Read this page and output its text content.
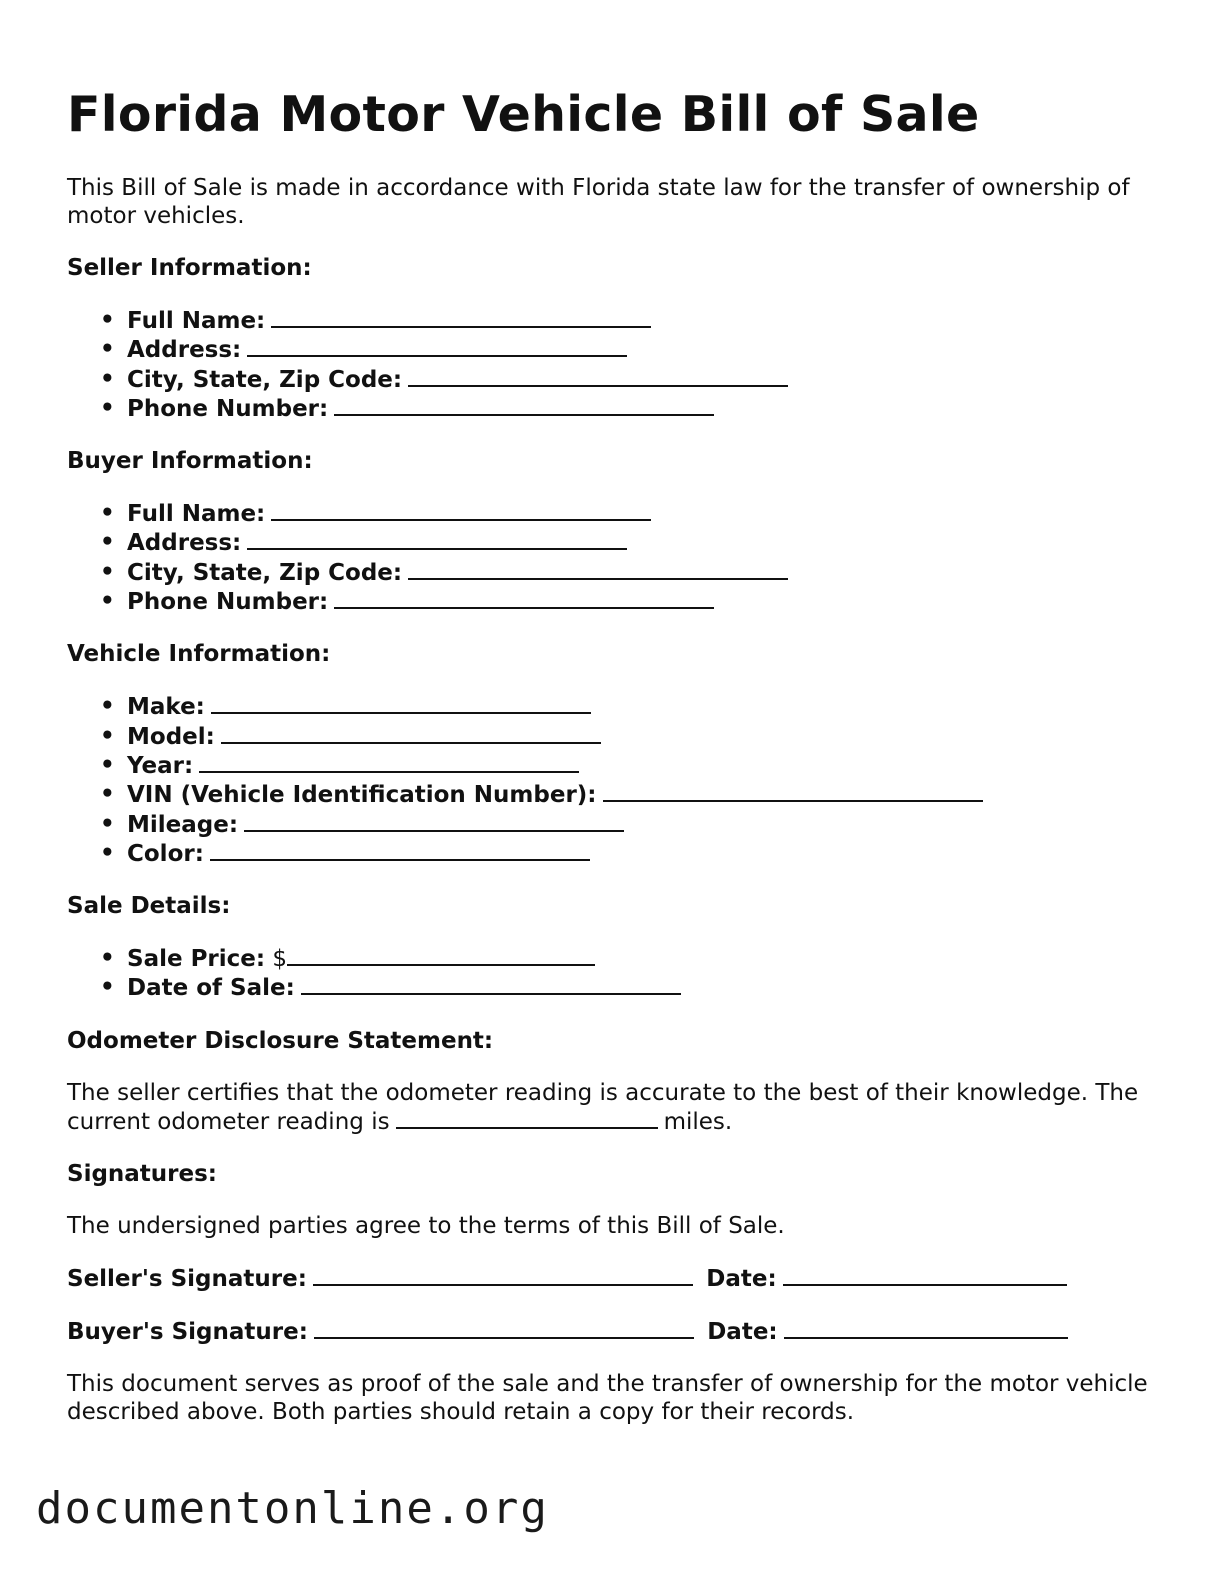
Florida Motor Vehicle Bill of Sale

This Bill of Sale is made in accordance with Florida state law for the transfer of ownership of motor vehicles.

Seller Information:
• Full Name:
• Address:
• City, State, Zip Code:
• Phone Number:
Buyer Information:
• Full Name:
• Address:
• City, State, Zip Code:
• Phone Number:
Vehicle Information:
• Make:
• Model:
• Year:
• VIN (Vehicle Identification Number):
• Mileage:
• Color:
Sale Details:
• Sale Price: $
• Date of Sale:
Odometer Disclosure Statement:

The seller certifies that the odometer reading is accurate to the best of their knowledge. The current odometer reading is	miles.

Signatures:

The undersigned parties agree to the terms of this Bill of Sale.

Seller's Signature:	Date:
Buyer's Signature:	Date:

This document serves as proof of the sale and the transfer of ownership for the motor vehicle described above. Both parties should retain a copy for their records.

documentonline.org
